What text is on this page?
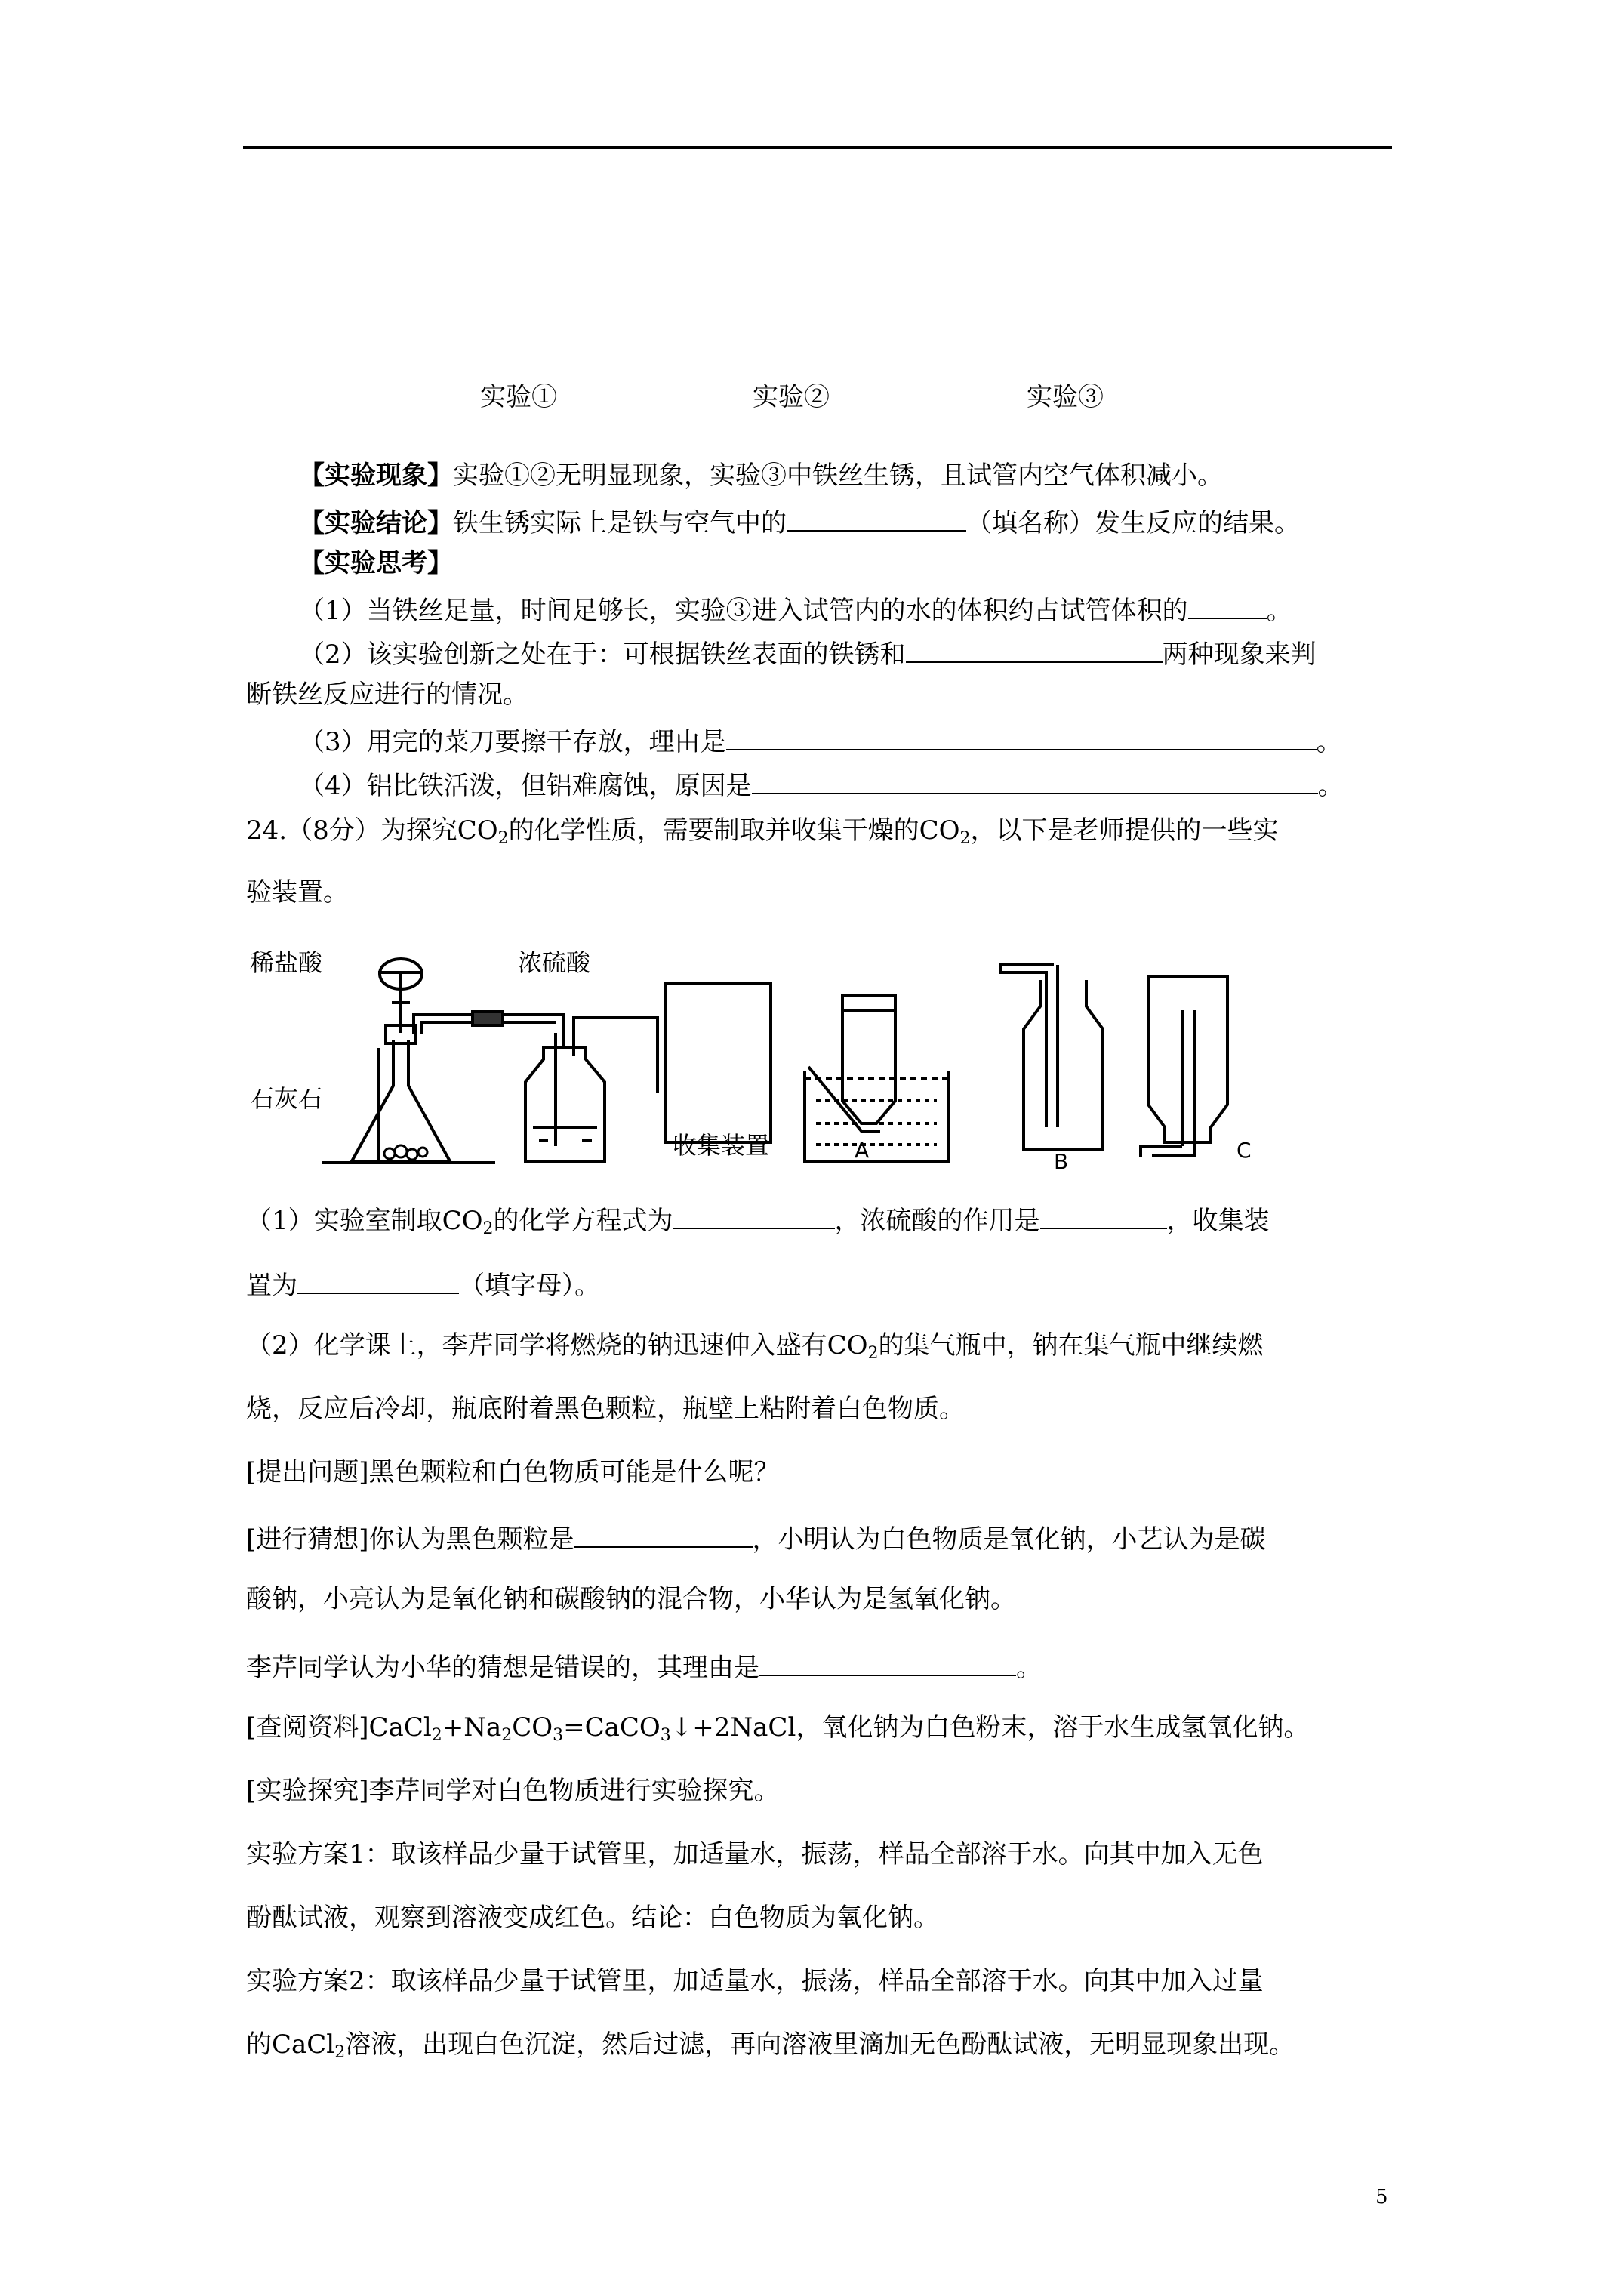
实验①	实验②	实验③
【实验现象】实验①②无明显现象，实验③中铁丝生锈，且试管内空气体积减小。
【实验结论】铁生锈实际上是铁与空气中的	（填名称）发生反应的结果。
【实验思考】
（1）当铁丝足量，时间足够长，实验③进入试管内的水的体积约占试管体积的	。
（2）该实验创新之处在于：可根据铁丝表面的铁锈和	两种现象来判
断铁丝反应进行的情况。
（3）用完的菜刀要擦干存放，理由是	。
（4）铝比铁活泼，但铝难腐蚀，原因是	。
24.（8分）为探究$CO_2$的化学性质，需要制取并收集干燥的$CO_2$，以下是老师提供的一些实
验装置。
稀盐酸	浓硫酸
石灰石
收集装置	A	B	C
（1）实验室制取$CO_2$的化学方程式为	，浓硫酸的作用是	，收集装
置为	（填字母）。
（2）化学课上，李芹同学将燃烧的钠迅速伸入盛有$CO_2$的集气瓶中，钠在集气瓶中继续燃
烧，反应后冷却，瓶底附着黑色颗粒，瓶壁上粘附着白色物质。
[提出问题]黑色颗粒和白色物质可能是什么呢？
[进行猜想]你认为黑色颗粒是	，小明认为白色物质是氧化钠，小艺认为是碳
酸钠，小亮认为是氧化钠和碳酸钠的混合物，小华认为是氢氧化钠。
李芹同学认为小华的猜想是错误的，其理由是	。
[查阅资料]$CaCl_2+Na_2CO_3=CaCO_3↓+2NaCl$，氧化钠为白色粉末，溶于水生成氢氧化钠。
[实验探究]李芹同学对白色物质进行实验探究。
实验方案1：取该样品少量于试管里，加适量水，振荡，样品全部溶于水。向其中加入无色
酚酞试液，观察到溶液变成红色。结论：白色物质为氧化钠。
实验方案2：取该样品少量于试管里，加适量水，振荡，样品全部溶于水。向其中加入过量
的CaCl$_2$溶液，出现白色沉淀，然后过滤，再向溶液里滴加无色酚酞试液，无明显现象出现。
5
